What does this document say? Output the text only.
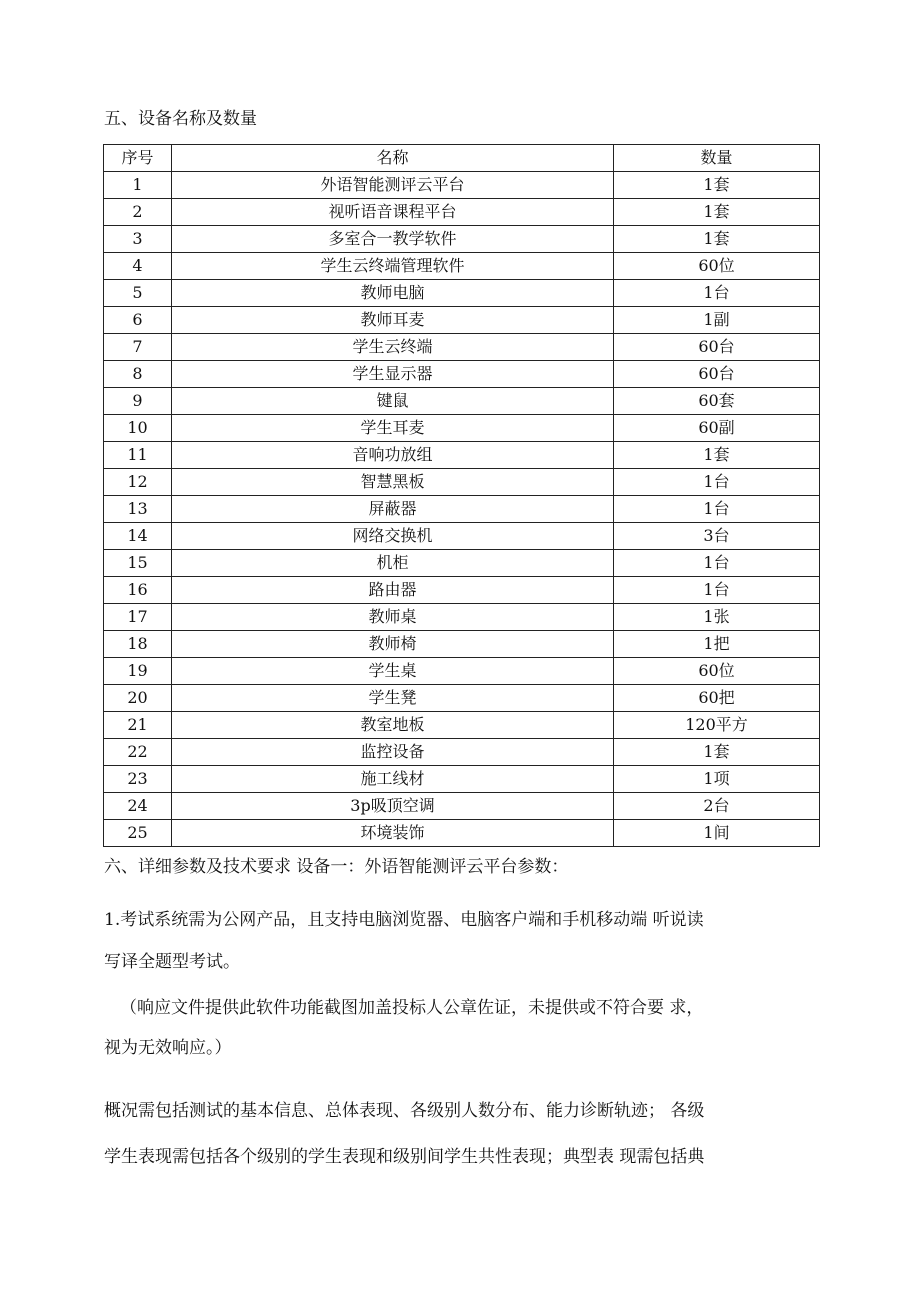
五、设备名称及数量
序号	名称	数量
1	外语智能测评云平台	1套
2	视听语音课程平台	1套
3	多室合一教学软件	1套
4	学生云终端管理软件	60位
5	教师电脑	1台
6	教师耳麦	1副
7	学生云终端	60台
8	学生显示器	60台
9	键鼠	60套
10	学生耳麦	60副
11	音响功放组	1套
12	智慧黑板	1台
13	屏蔽器	1台
14	网络交换机	3台
15	机柜	1台
16	路由器	1台
17	教师桌	1张
18	教师椅	1把
19	学生桌	60位
20	学生凳	60把
21	教室地板	120平方
22	监控设备	1套
23	施工线材	1项
24	3p吸顶空调	2台
25	环境装饰	1间
六、详细参数及技术要求 设备一：外语智能测评云平台参数：
1.考试系统需为公网产品，且支持电脑浏览器、电脑客户端和手机移动端 听说读
写译全题型考试。
（响应文件提供此软件功能截图加盖投标人公章佐证，未提供或不符合要 求，
视为无效响应。）
概况需包括测试的基本信息、总体表现、各级别人数分布、能力诊断轨迹； 各级
学生表现需包括各个级别的学生表现和级别间学生共性表现；典型表 现需包括典
